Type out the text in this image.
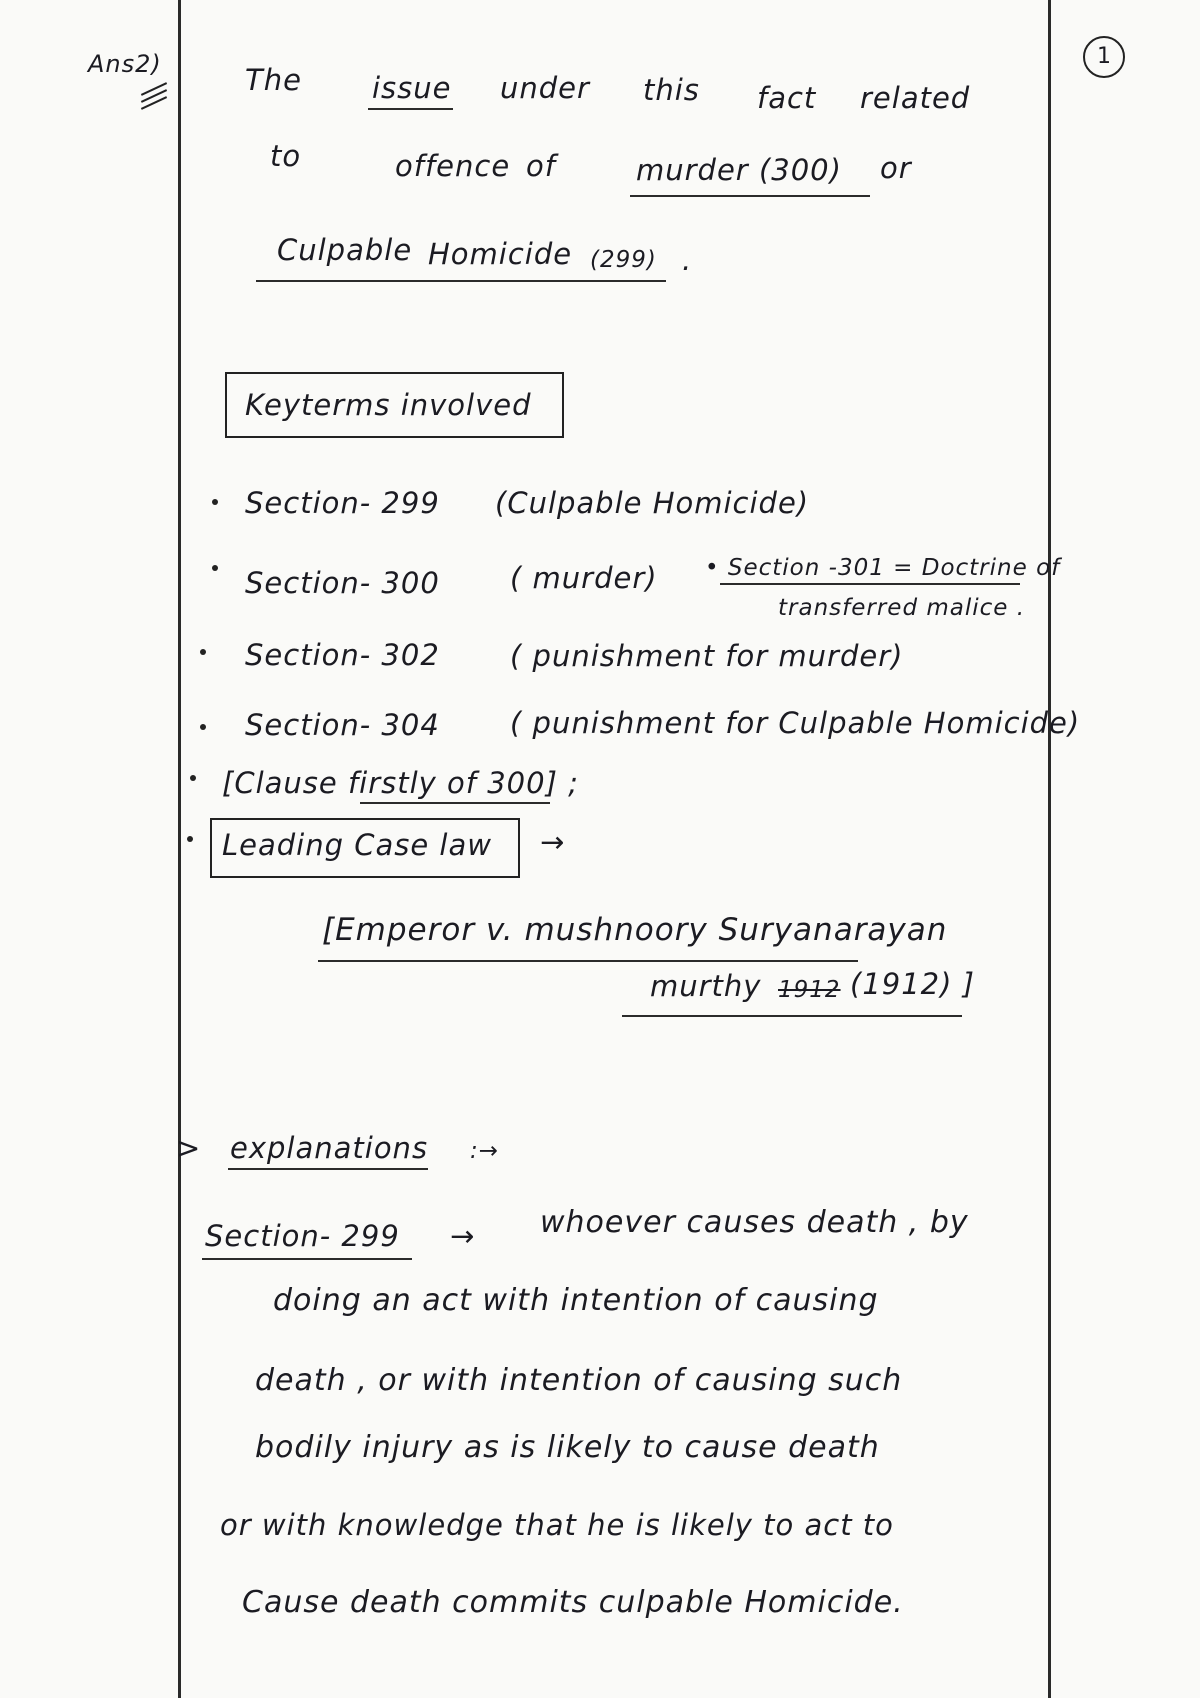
Ans2)	1
The issue under this fact related
to	offence of	murder (300) or
Culpable Homicide (299) .
Keyterms involved
Section- 299 (Culpable Homicide)
Section- 300 ( murder) • Section -301 = Doctrine of
transferred malice .
Section- 302 ( punishment for murder)
Section- 304 ( punishment for Culpable Homicide)
[Clause firstly of 300] ;
Leading Case law →
[Emperor v. mushnoory Suryanarayan
murthy 1912 (1912) ]
> explanations :→
Section- 299 → whoever causes death , by
doing an act with intention of causing
death , or with intention of causing such
bodily injury as is likely to cause death
or with knowledge that he is likely to act to
Cause death commits culpable Homicide.
